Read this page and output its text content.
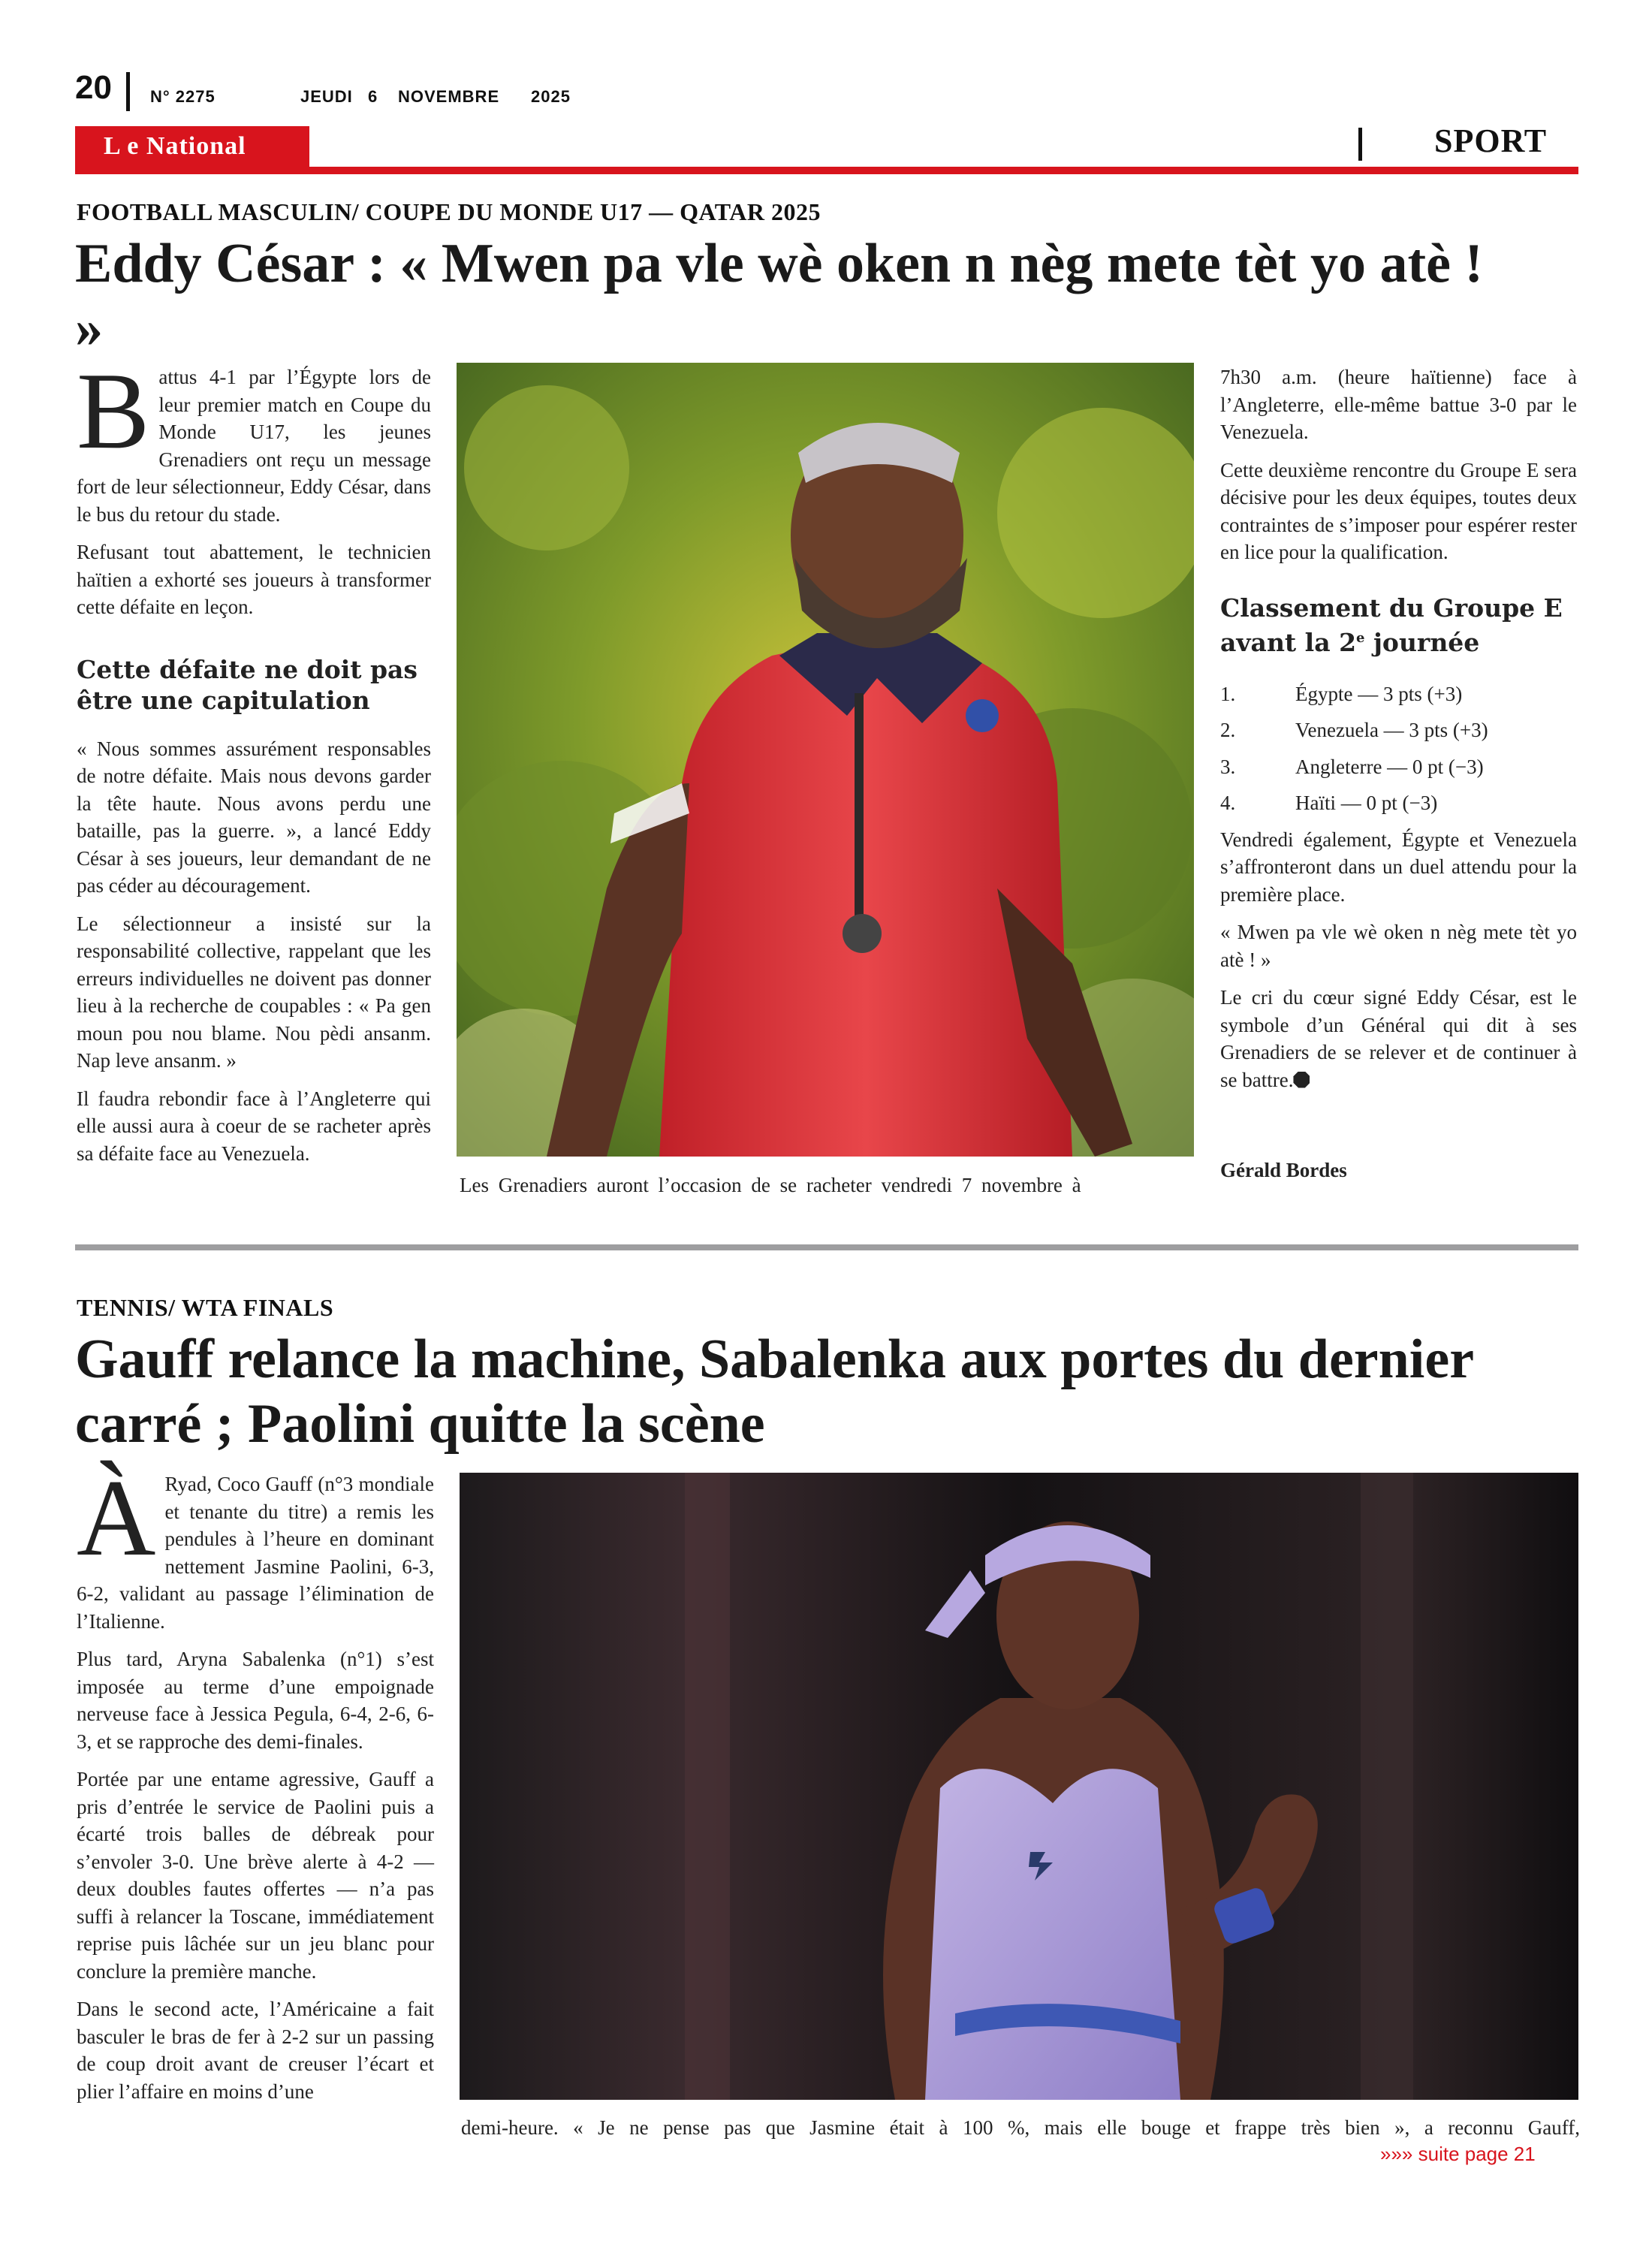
20 N° 2275	JEUDI 6 NOVEMBRE 2025
L e National	SPORT
FOOTBALL MASCULIN/ COUPE DU MONDE U17 — QATAR 2025
Eddy César : « Mwen pa vle wè oken n nèg mete tèt yo atè !
»

Battus 4-1 par l’Égypte lors de leur premier match en Coupe du Monde U17, les jeunes Grenadiers ont reçu un message fort de leur sélectionneur, Eddy César, dans le bus du retour du stade.

Refusant tout abattement, le technicien haïtien a exhorté ses joueurs à transformer cette défaite en leçon.

Cette défaite ne doit pas être une capitulation

« Nous sommes assurément responsables de notre défaite. Mais nous devons garder la tête haute. Nous avons perdu une bataille, pas la guerre. », a lancé Eddy César à ses joueurs, leur demandant de ne pas céder au découragement.

Le sélectionneur a insisté sur la responsabilité collective, rappelant que les erreurs individuelles ne doivent pas donner lieu à la recherche de coupables : « Pa gen moun pou nou blame. Nou pèdi ansanm. Nap leve ansanm. »

Il faudra rebondir face à l’Angleterre qui elle aussi aura à coeur de se racheter après sa défaite face au Venezuela.

Les Grenadiers auront l’occasion de se racheter vendredi 7 novembre à

7h30 a.m. (heure haïtienne) face à l’Angleterre, elle-même battue 3-0 par le Venezuela.

Cette deuxième rencontre du Groupe E sera décisive pour les deux équipes, toutes deux contraintes de s’imposer pour espérer rester en lice pour la qualification.

Classement du Groupe E avant la 2e journée
1.	Égypte — 3 pts (+3)
2.	Venezuela — 3 pts (+3)
3.	Angleterre — 0 pt (−3)
4.	Haïti — 0 pt (−3)

Vendredi également, Égypte et Venezuela s’affronteront dans un duel attendu pour la première place.

« Mwen pa vle wè oken n nèg mete tèt yo atè ! »

Le cri du cœur signé Eddy César, est le symbole d’un Général qui dit à ses Grenadiers de se relever et de continuer à se battre.

Gérald Bordes
TENNIS/ WTA FINALS
Gauff relance la machine, Sabalenka aux portes du dernier
carré ; Paolini quitte la scène

À Ryad, Coco Gauff (n°3 mondiale et tenante du titre) a remis les pendules à l’heure en dominant nettement Jasmine Paolini, 6-3, 6-2, validant au passage l’élimination de l’Italienne.

Plus tard, Aryna Sabalenka (n°1) s’est imposée au terme d’une empoignade nerveuse face à Jessica Pegula, 6-4, 2-6, 6-3, et se rapproche des demi-finales.

Portée par une entame agressive, Gauff a pris d’entrée le service de Paolini puis a écarté trois balles de débreak pour s’envoler 3-0. Une brève alerte à 4-2 — deux doubles fautes offertes — n’a pas suffi à relancer la Toscane, immédiatement reprise puis lâchée sur un jeu blanc pour conclure la première manche.

Dans le second acte, l’Américaine a fait basculer le bras de fer à 2-2 sur un passing de coup droit avant de creuser l’écart et plier l’affaire en moins d’une

demi-heure. « Je ne pense pas que Jasmine était à 100 %, mais elle bouge et frappe très bien », a reconnu Gauff,
»»» suite page 21
